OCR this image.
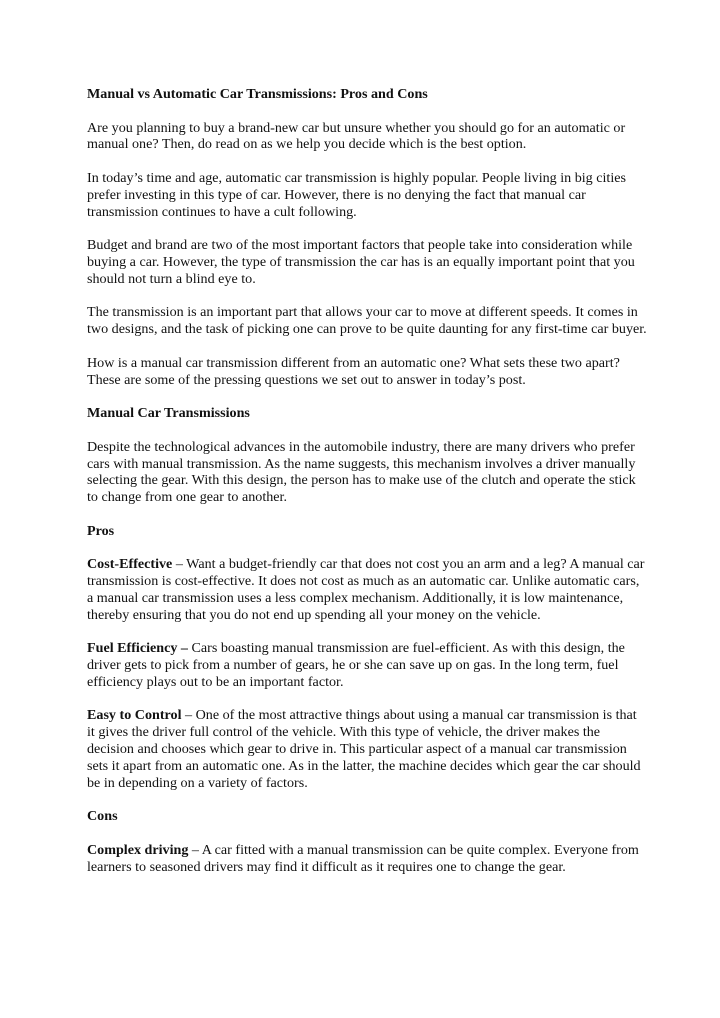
Manual vs Automatic Car Transmissions: Pros and Cons

Are you planning to buy a brand-new car but unsure whether you should go for an automatic or manual one? Then, do read on as we help you decide which is the best option.

In today’s time and age, automatic car transmission is highly popular. People living in big cities prefer investing in this type of car. However, there is no denying the fact that manual car transmission continues to have a cult following.

Budget and brand are two of the most important factors that people take into consideration while buying a car. However, the type of transmission the car has is an equally important point that you should not turn a blind eye to.

The transmission is an important part that allows your car to move at different speeds. It comes in two designs, and the task of picking one can prove to be quite daunting for any first-time car buyer.

How is a manual car transmission different from an automatic one? What sets these two apart? These are some of the pressing questions we set out to answer in today’s post.

Manual Car Transmissions

Despite the technological advances in the automobile industry, there are many drivers who prefer cars with manual transmission. As the name suggests, this mechanism involves a driver manually selecting the gear. With this design, the person has to make use of the clutch and operate the stick to change from one gear to another.

Pros

Cost-Effective – Want a budget-friendly car that does not cost you an arm and a leg? A manual car transmission is cost-effective. It does not cost as much as an automatic car. Unlike automatic cars, a manual car transmission uses a less complex mechanism. Additionally, it is low maintenance, thereby ensuring that you do not end up spending all your money on the vehicle.

Fuel Efficiency – Cars boasting manual transmission are fuel-efficient. As with this design, the driver gets to pick from a number of gears, he or she can save up on gas. In the long term, fuel efficiency plays out to be an important factor.

Easy to Control – One of the most attractive things about using a manual car transmission is that it gives the driver full control of the vehicle. With this type of vehicle, the driver makes the decision and chooses which gear to drive in. This particular aspect of a manual car transmission sets it apart from an automatic one. As in the latter, the machine decides which gear the car should be in depending on a variety of factors.

Cons

Complex driving – A car fitted with a manual transmission can be quite complex. Everyone from learners to seasoned drivers may find it difficult as it requires one to change the gear.
